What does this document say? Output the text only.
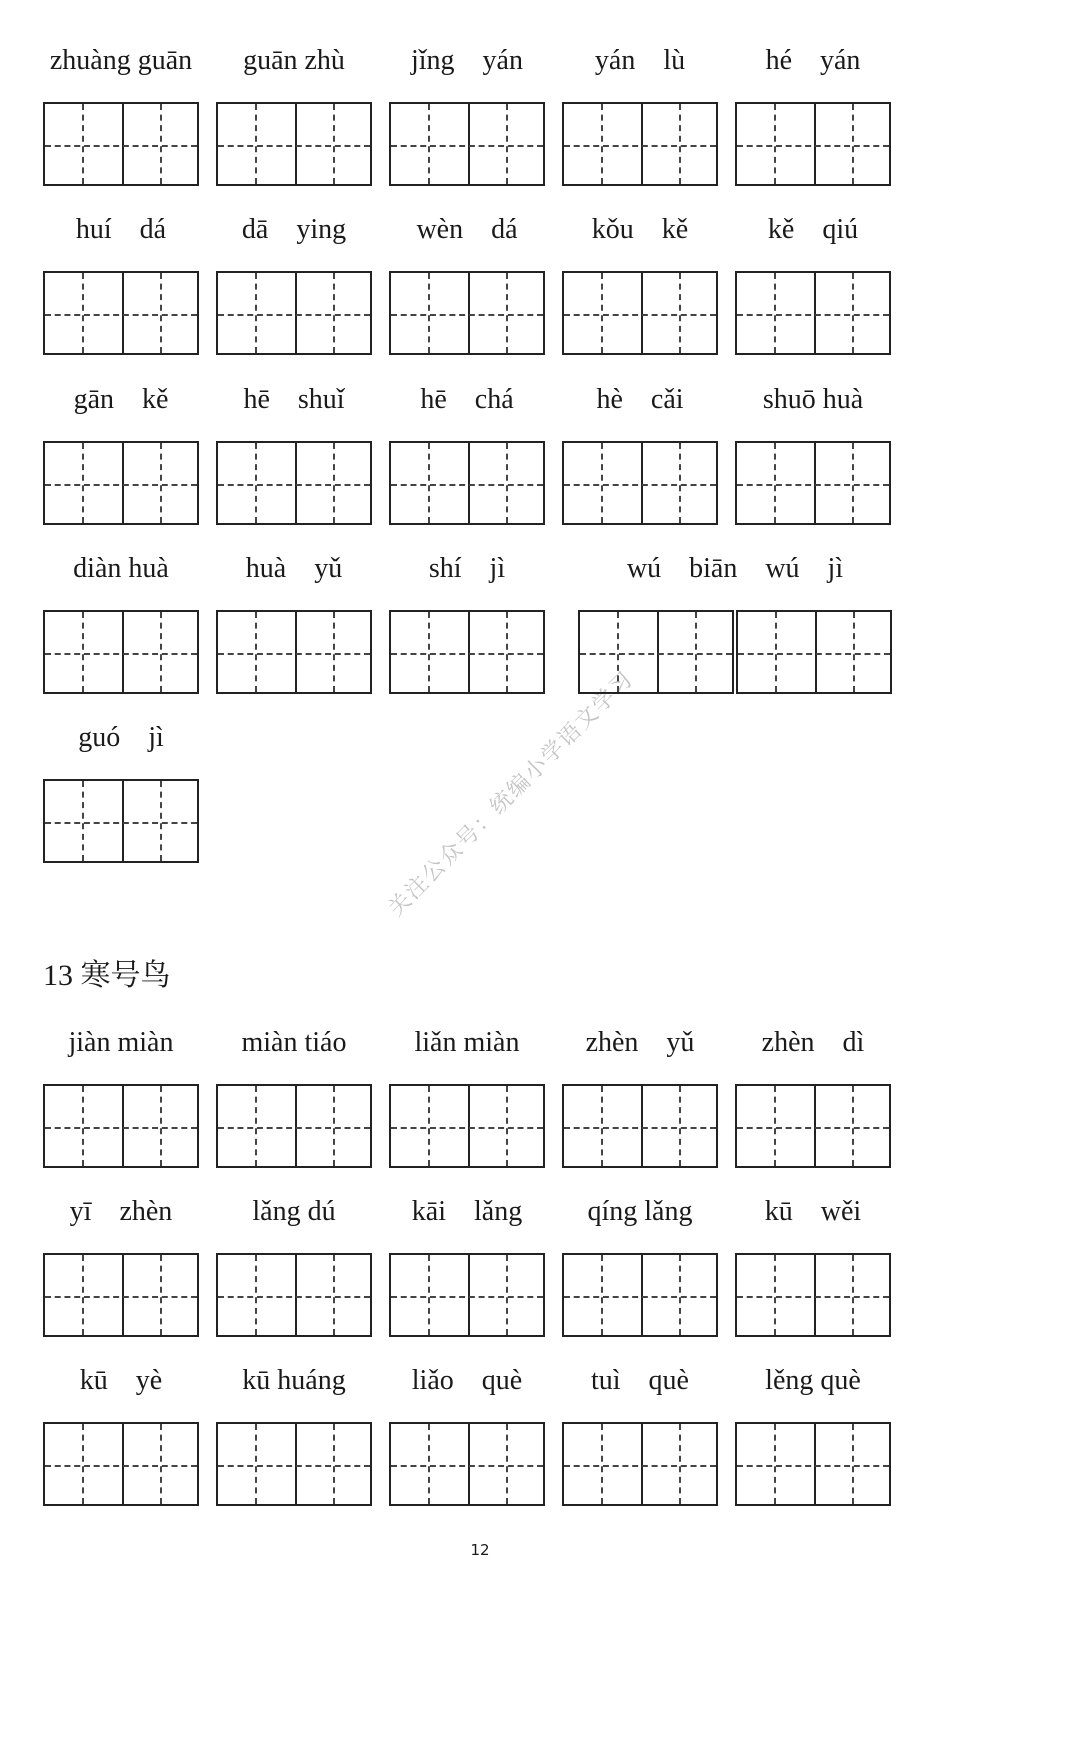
关注公众号：统编小学语文学习
zhuàng guān	guān zhù	jǐng    yán	yán    lù	hé    yán
huí    dá	dā    ying	wèn    dá	kǒu    kě	kě    qiú
gān    kě	hē    shuǐ	hē    chá	hè    cǎi	shuō huà
diàn huà	huà    yǔ	shí    jì	wú    biān    wú    jì
guó    jì
13 寒号鸟
jiàn miàn	miàn tiáo	liǎn miàn	zhèn    yǔ	zhèn    dì
yī    zhèn	lǎng dú	kāi    lǎng	qíng lǎng	kū    wěi
kū    yè	kū huáng	liǎo    què	tuì    què	lěng què
12
